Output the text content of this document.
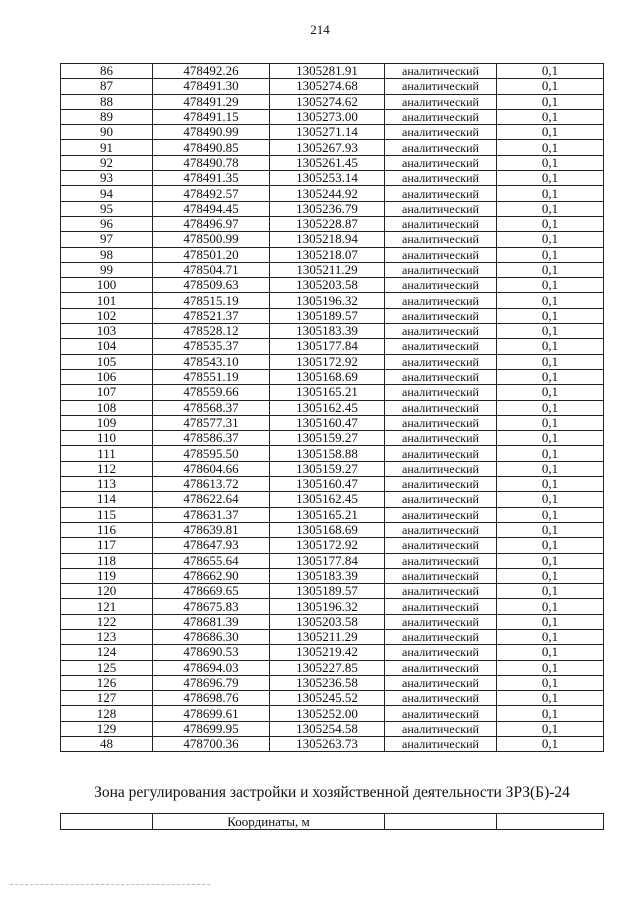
214
86	478492.26	1305281.91	аналитический	0,1
87	478491.30	1305274.68	аналитический	0,1
88	478491.29	1305274.62	аналитический	0,1
89	478491.15	1305273.00	аналитический	0,1
90	478490.99	1305271.14	аналитический	0,1
91	478490.85	1305267.93	аналитический	0,1
92	478490.78	1305261.45	аналитический	0,1
93	478491.35	1305253.14	аналитический	0,1
94	478492.57	1305244.92	аналитический	0,1
95	478494.45	1305236.79	аналитический	0,1
96	478496.97	1305228.87	аналитический	0,1
97	478500.99	1305218.94	аналитический	0,1
98	478501.20	1305218.07	аналитический	0,1
99	478504.71	1305211.29	аналитический	0,1
100	478509.63	1305203.58	аналитический	0,1
101	478515.19	1305196.32	аналитический	0,1
102	478521.37	1305189.57	аналитический	0,1
103	478528.12	1305183.39	аналитический	0,1
104	478535.37	1305177.84	аналитический	0,1
105	478543.10	1305172.92	аналитический	0,1
106	478551.19	1305168.69	аналитический	0,1
107	478559.66	1305165.21	аналитический	0,1
108	478568.37	1305162.45	аналитический	0,1
109	478577.31	1305160.47	аналитический	0,1
110	478586.37	1305159.27	аналитический	0,1
111	478595.50	1305158.88	аналитический	0,1
112	478604.66	1305159.27	аналитический	0,1
113	478613.72	1305160.47	аналитический	0,1
114	478622.64	1305162.45	аналитический	0,1
115	478631.37	1305165.21	аналитический	0,1
116	478639.81	1305168.69	аналитический	0,1
117	478647.93	1305172.92	аналитический	0,1
118	478655.64	1305177.84	аналитический	0,1
119	478662.90	1305183.39	аналитический	0,1
120	478669.65	1305189.57	аналитический	0,1
121	478675.83	1305196.32	аналитический	0,1
122	478681.39	1305203.58	аналитический	0,1
123	478686.30	1305211.29	аналитический	0,1
124	478690.53	1305219.42	аналитический	0,1
125	478694.03	1305227.85	аналитический	0,1
126	478696.79	1305236.58	аналитический	0,1
127	478698.76	1305245.52	аналитический	0,1
128	478699.61	1305252.00	аналитический	0,1
129	478699.95	1305254.58	аналитический	0,1
48	478700.36	1305263.73	аналитический	0,1
Зона регулирования застройки и хозяйственной деятельности ЗРЗ(Б)-24
	Координаты, м		
